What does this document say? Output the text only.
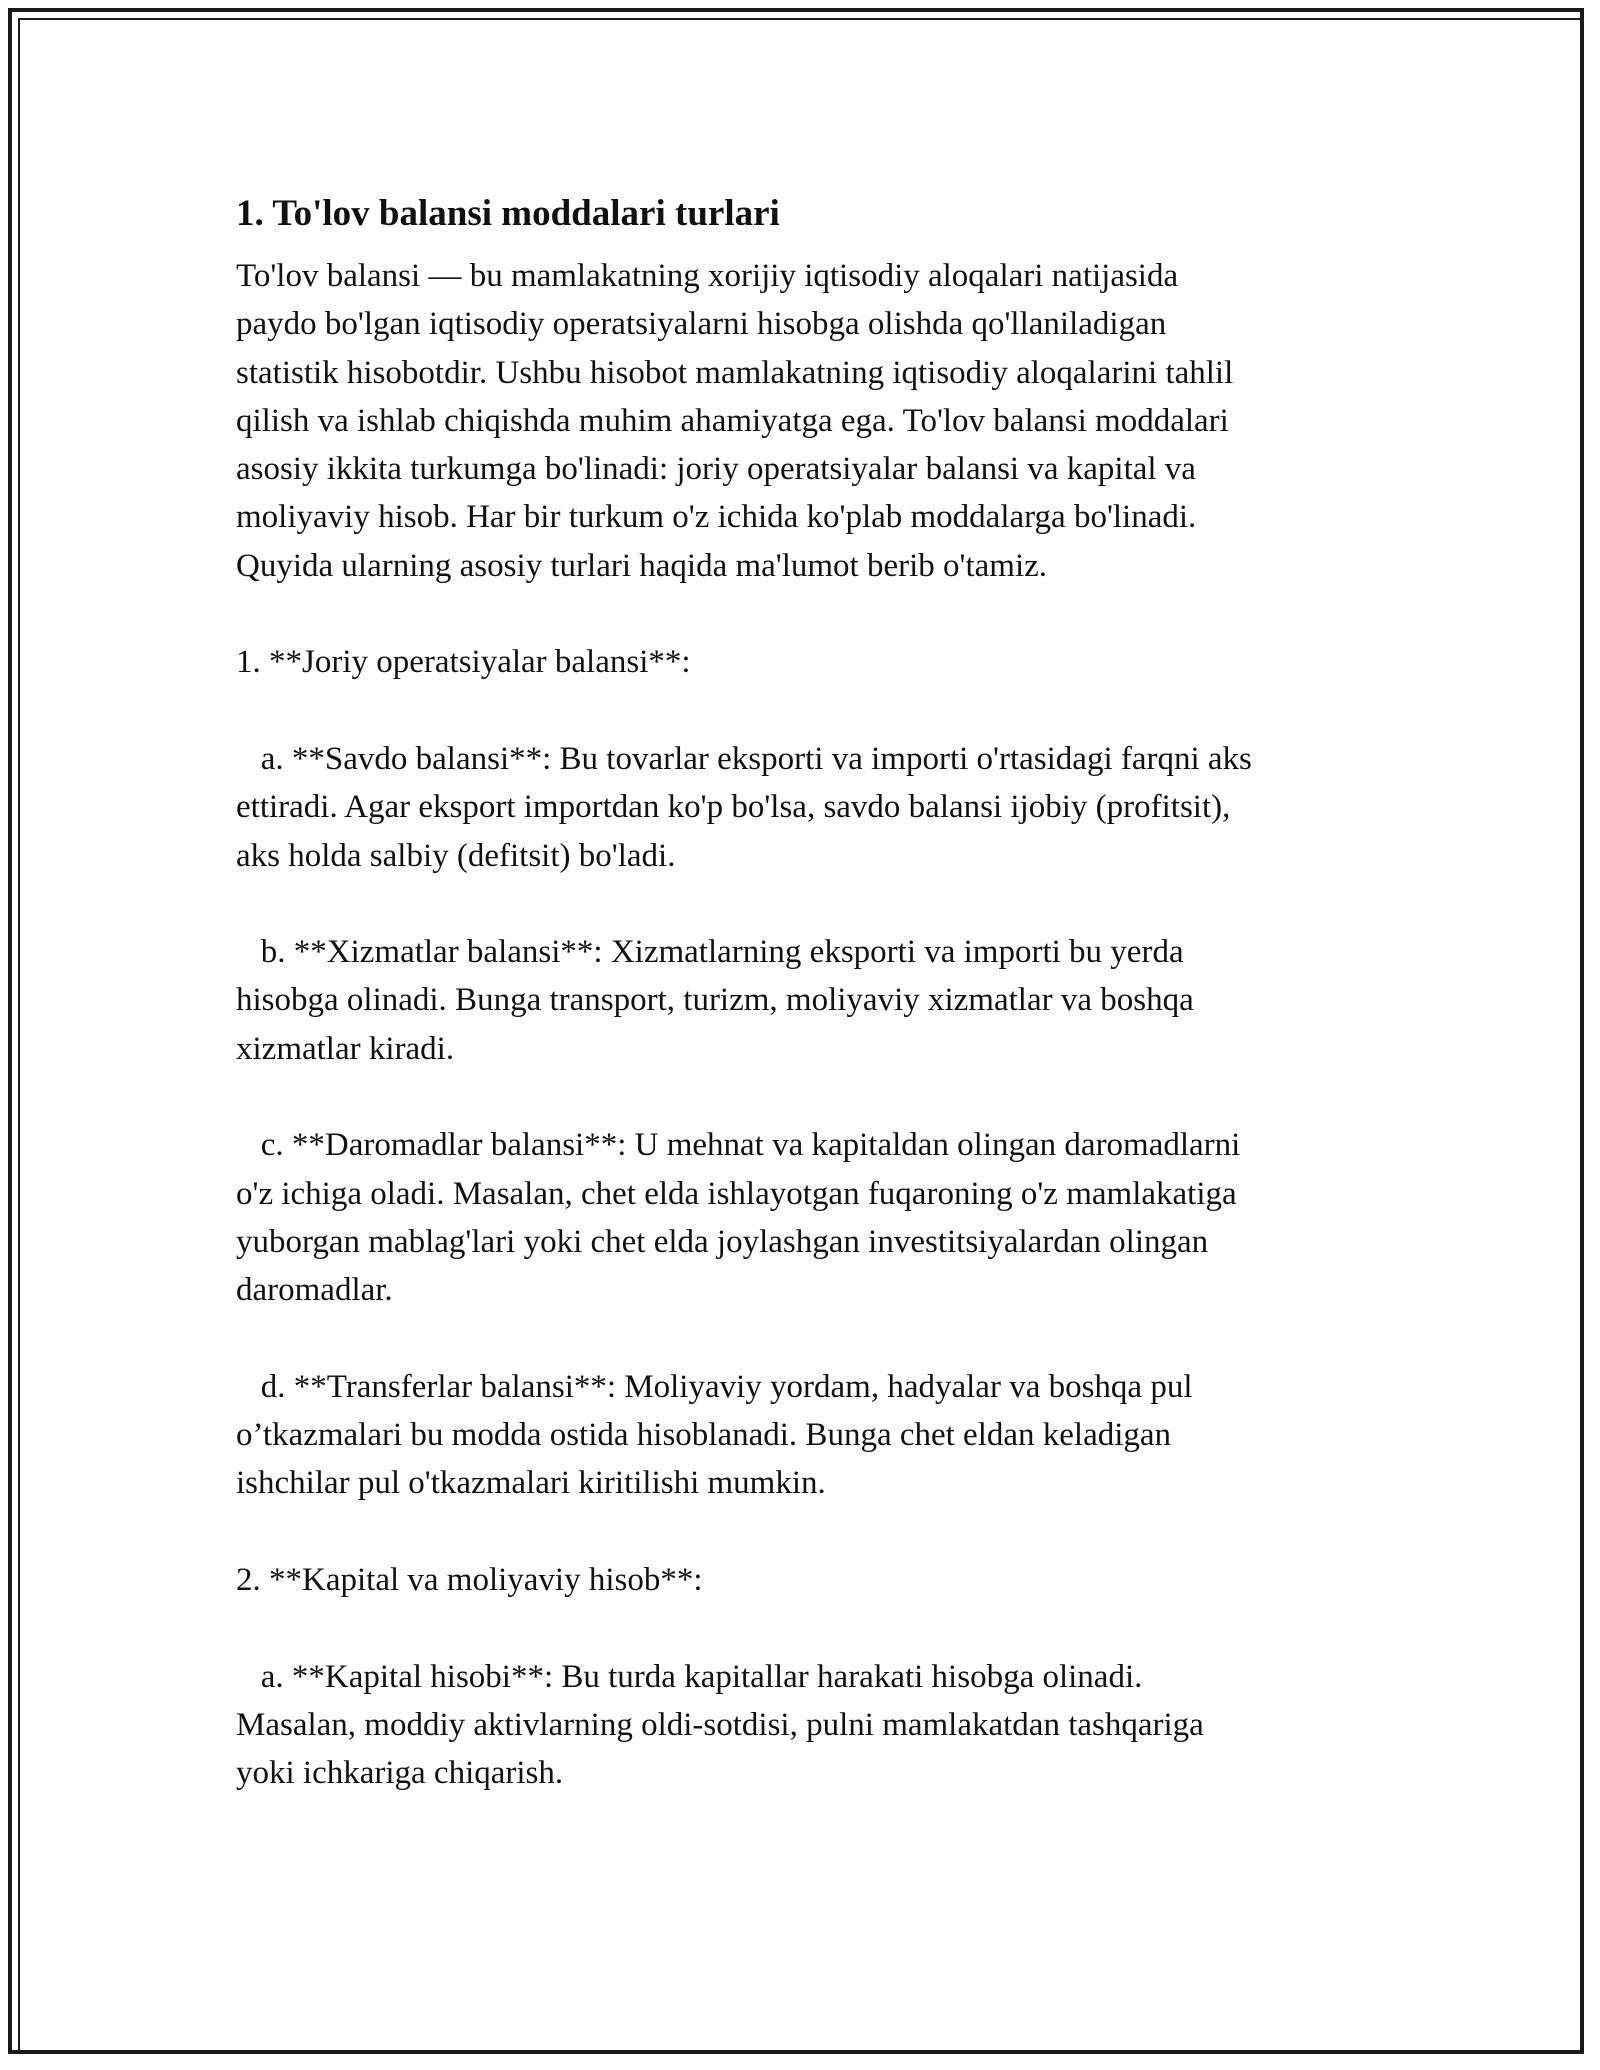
1. To'lov balansi moddalari turlari
To'lov balansi — bu mamlakatning xorijiy iqtisodiy aloqalari natijasida
paydo bo'lgan iqtisodiy operatsiyalarni hisobga olishda qo'llaniladigan
statistik hisobotdir. Ushbu hisobot mamlakatning iqtisodiy aloqalarini tahlil
qilish va ishlab chiqishda muhim ahamiyatga ega. To'lov balansi moddalari
asosiy ikkita turkumga bo'linadi: joriy operatsiyalar balansi va kapital va
moliyaviy hisob. Har bir turkum o'z ichida ko'plab moddalarga bo'linadi.
Quyida ularning asosiy turlari haqida ma'lumot berib o'tamiz.
1. **Joriy operatsiyalar balansi**:
a. **Savdo balansi**: Bu tovarlar eksporti va importi o'rtasidagi farqni aks
ettiradi. Agar eksport importdan ko'p bo'lsa, savdo balansi ijobiy (profitsit),
aks holda salbiy (defitsit) bo'ladi.
b. **Xizmatlar balansi**: Xizmatlarning eksporti va importi bu yerda
hisobga olinadi. Bunga transport, turizm, moliyaviy xizmatlar va boshqa
xizmatlar kiradi.
c. **Daromadlar balansi**: U mehnat va kapitaldan olingan daromadlarni
o'z ichiga oladi. Masalan, chet elda ishlayotgan fuqaroning o'z mamlakatiga
yuborgan mablag'lari yoki chet elda joylashgan investitsiyalardan olingan
daromadlar.
d. **Transferlar balansi**: Moliyaviy yordam, hadyalar va boshqa pul
o’tkazmalari bu modda ostida hisoblanadi. Bunga chet eldan keladigan
ishchilar pul o'tkazmalari kiritilishi mumkin.
2. **Kapital va moliyaviy hisob**:
a. **Kapital hisobi**: Bu turda kapitallar harakati hisobga olinadi.
Masalan, moddiy aktivlarning oldi-sotdisi, pulni mamlakatdan tashqariga
yoki ichkariga chiqarish.
